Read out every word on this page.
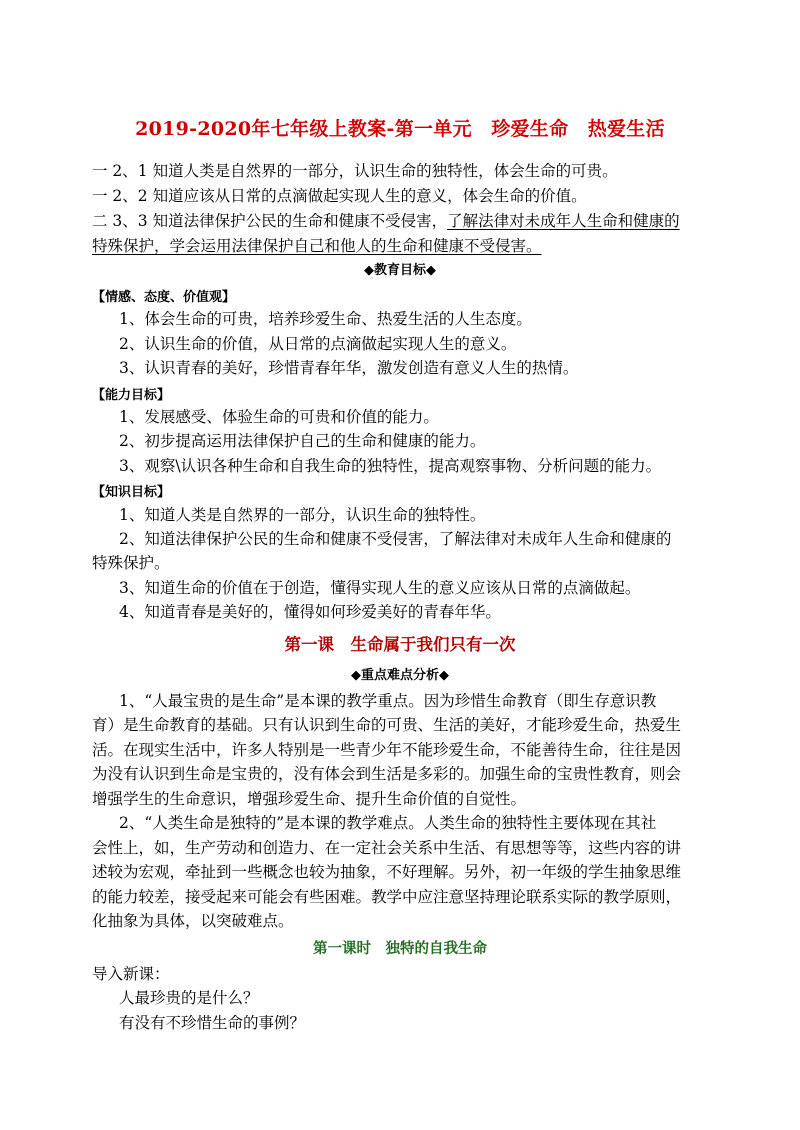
2019-2020年七年级上教案-第一单元　珍爱生命　热爱生活
一 2、1 知道人类是自然界的一部分，认识生命的独特性，体会生命的可贵。
一 2、2 知道应该从日常的点滴做起实现人生的意义，体会生命的价值。
二 3、3 知道法律保护公民的生命和健康不受侵害，了解法律对未成年人生命和健康的
特殊保护，学会运用法律保护自己和他人的生命和健康不受侵害。
◆教育目标◆
【情感、态度、价值观】
1、体会生命的可贵，培养珍爱生命、热爱生活的人生态度。
2、认识生命的价值，从日常的点滴做起实现人生的意义。
3、认识青春的美好，珍惜青春年华，激发创造有意义人生的热情。
【能力目标】
1、发展感受、体验生命的可贵和价值的能力。
2、初步提高运用法律保护自己的生命和健康的能力。
3、观察\认识各种生命和自我生命的独特性，提高观察事物、分析问题的能力。
【知识目标】
1、知道人类是自然界的一部分，认识生命的独特性。
2、知道法律保护公民的生命和健康不受侵害，了解法律对未成年人生命和健康的
特殊保护。
3、知道生命的价值在于创造，懂得实现人生的意义应该从日常的点滴做起。
4、知道青春是美好的，懂得如何珍爱美好的青春年华。
第一课　生命属于我们只有一次
◆重点难点分析◆
1、“人最宝贵的是生命”是本课的教学重点。因为珍惜生命教育（即生存意识教
育）是生命教育的基础。只有认识到生命的可贵、生活的美好，才能珍爱生命，热爱生
活。在现实生活中，许多人特别是一些青少年不能珍爱生命，不能善待生命，往往是因
为没有认识到生命是宝贵的，没有体会到生活是多彩的。加强生命的宝贵性教育，则会
增强学生的生命意识，增强珍爱生命、提升生命价值的自觉性。
2、“人类生命是独特的”是本课的教学难点。人类生命的独特性主要体现在其社
会性上，如，生产劳动和创造力、在一定社会关系中生活、有思想等等，这些内容的讲
述较为宏观，牵扯到一些概念也较为抽象，不好理解。另外，初一年级的学生抽象思维
的能力较差，接受起来可能会有些困难。教学中应注意坚持理论联系实际的教学原则，
化抽象为具体，以突破难点。
第一课时　独特的自我生命
导入新课：
人最珍贵的是什么？
有没有不珍惜生命的事例？
